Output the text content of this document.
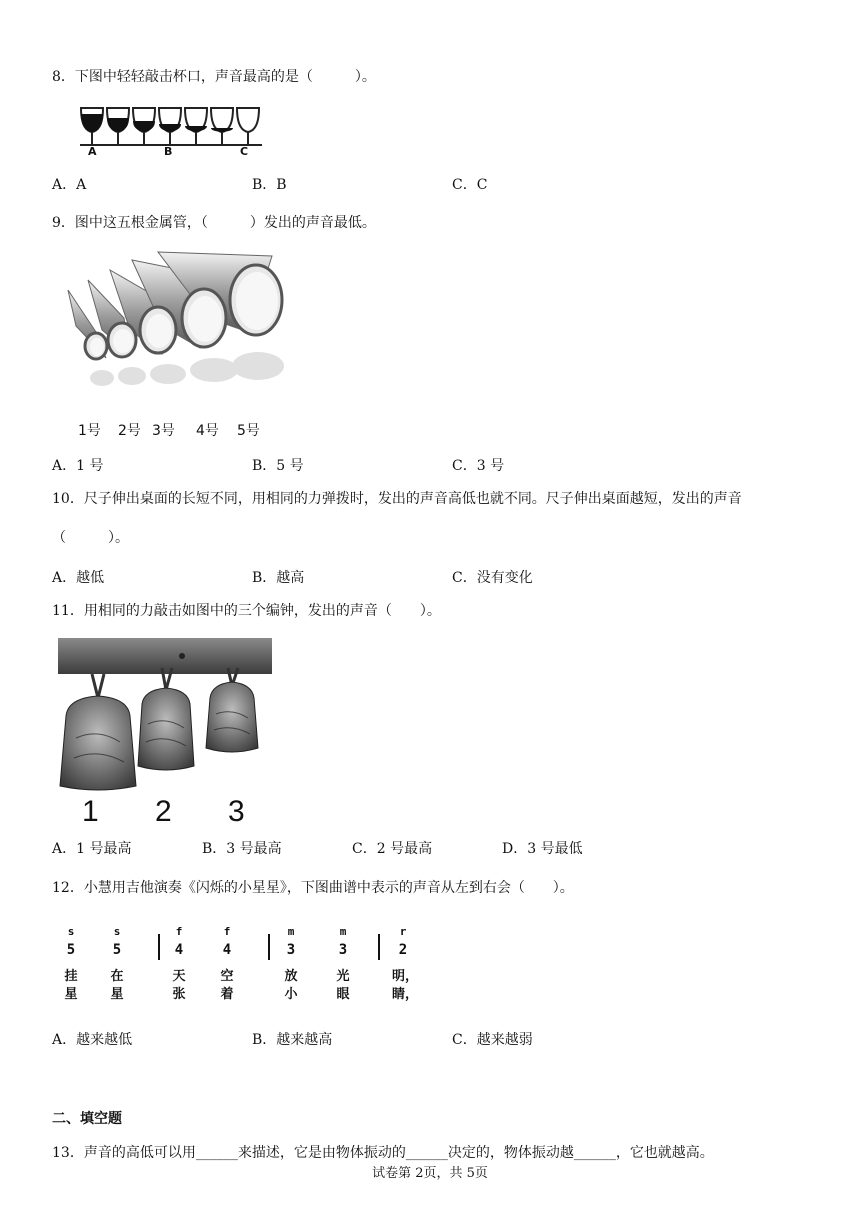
8．下图中轻轻敲击杯口，声音最高的是（　　　）。
A	B	C
A．A	B．B	C．C
9．图中这五根金属管，（　　　）发出的声音最低。
1号 2号 3号 4号 5号
A．1 号	B．5 号	C．3 号
10．尺子伸出桌面的长短不同，用相同的力弹拨时，发出的声音高低也就不同。尺子伸出桌面越短，发出的声音
（　　　）。
A．越低	B．越高	C．没有变化
11．用相同的力敲击如图中的三个编钟，发出的声音（　　）。
1 2 3
A．1 号最高	B．3 号最高	C．2 号最高	D．3 号最低
12．小慧用吉他演奏《闪烁的小星星》，下图曲谱中表示的声音从左到右会（　　）。
s	s	f	f	m	m	r
5	5	4	4	3	3	2
挂	在	天	空	放	光	明，
星	星	张	着	小	眼	睛，
A．越来越低	B．越来越高	C．越来越弱
二、填空题
13．声音的高低可以用______来描述，它是由物体振动的______决定的，物体振动越______，它也就越高。
试卷第 2页，共 5页
